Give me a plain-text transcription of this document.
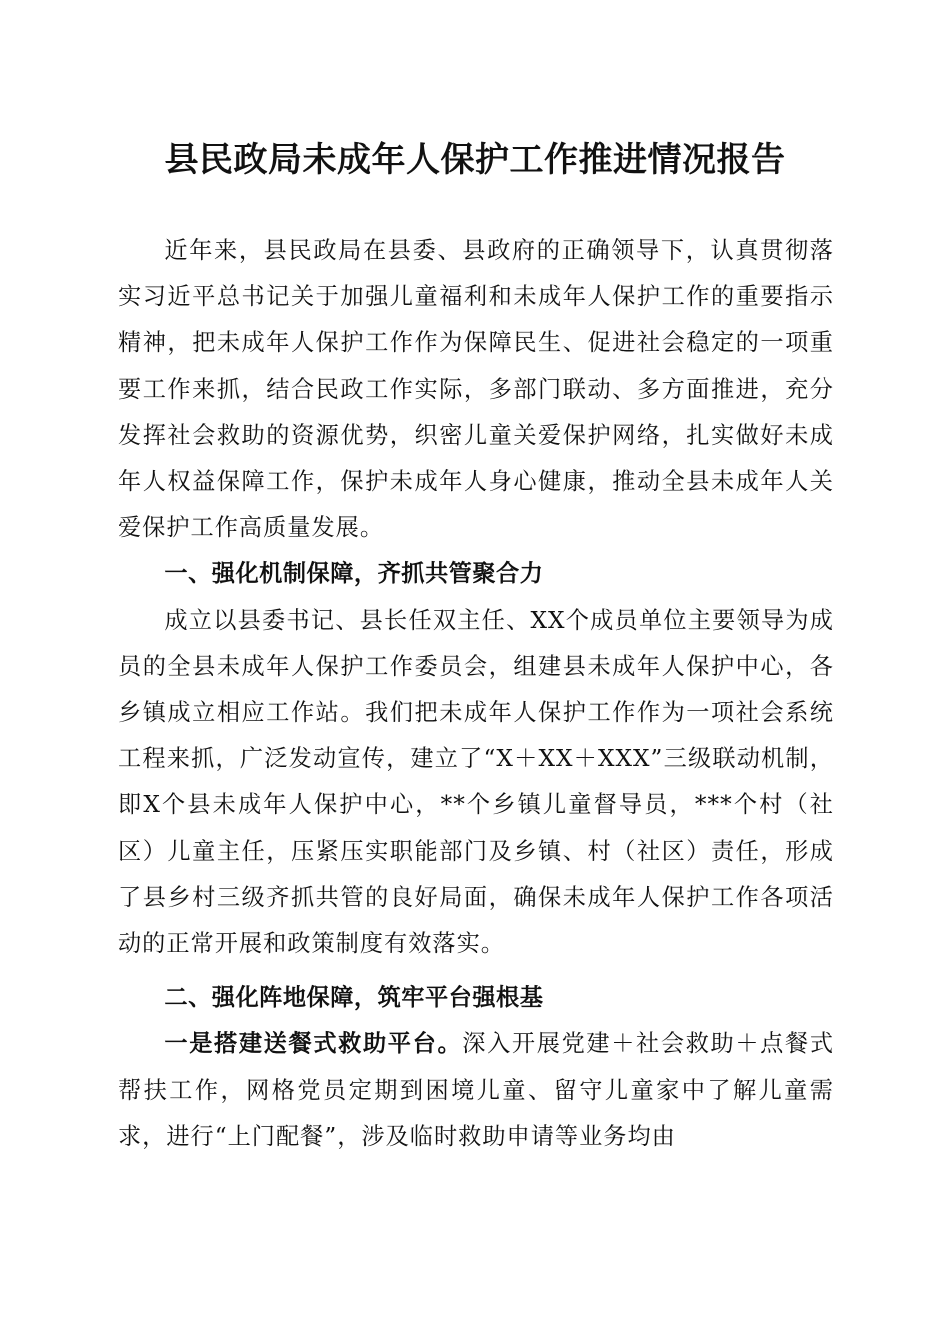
县民政局未成年人保护工作推进情况报告

近年来，县民政局在县委、县政府的正确领导下，认真贯彻落实习近平总书记关于加强儿童福利和未成年人保护工作的重要指示精神，把未成年人保护工作作为保障民生、促进社会稳定的一项重要工作来抓，结合民政工作实际，多部门联动、多方面推进，充分发挥社会救助的资源优势，织密儿童关爱保护网络，扎实做好未成年人权益保障工作，保护未成年人身心健康，推动全县未成年人关爱保护工作高质量发展。

一、强化机制保障，齐抓共管聚合力

成立以县委书记、县长任双主任、XX个成员单位主要领导为成员的全县未成年人保护工作委员会，组建县未成年人保护中心，各乡镇成立相应工作站。我们把未成年人保护工作作为一项社会系统工程来抓，广泛发动宣传，建立了“X＋XX＋XXX”三级联动机制，即X个县未成年人保护中心，**个乡镇儿童督导员，***个村（社区）儿童主任，压紧压实职能部门及乡镇、村（社区）责任，形成了县乡村三级齐抓共管的良好局面，确保未成年人保护工作各项活动的正常开展和政策制度有效落实。

二、强化阵地保障，筑牢平台强根基

一是搭建送餐式救助平台。深入开展党建＋社会救助＋点餐式帮扶工作，网格党员定期到困境儿童、留守儿童家中了解儿童需求，进行“上门配餐”，涉及临时救助申请等业务均由
